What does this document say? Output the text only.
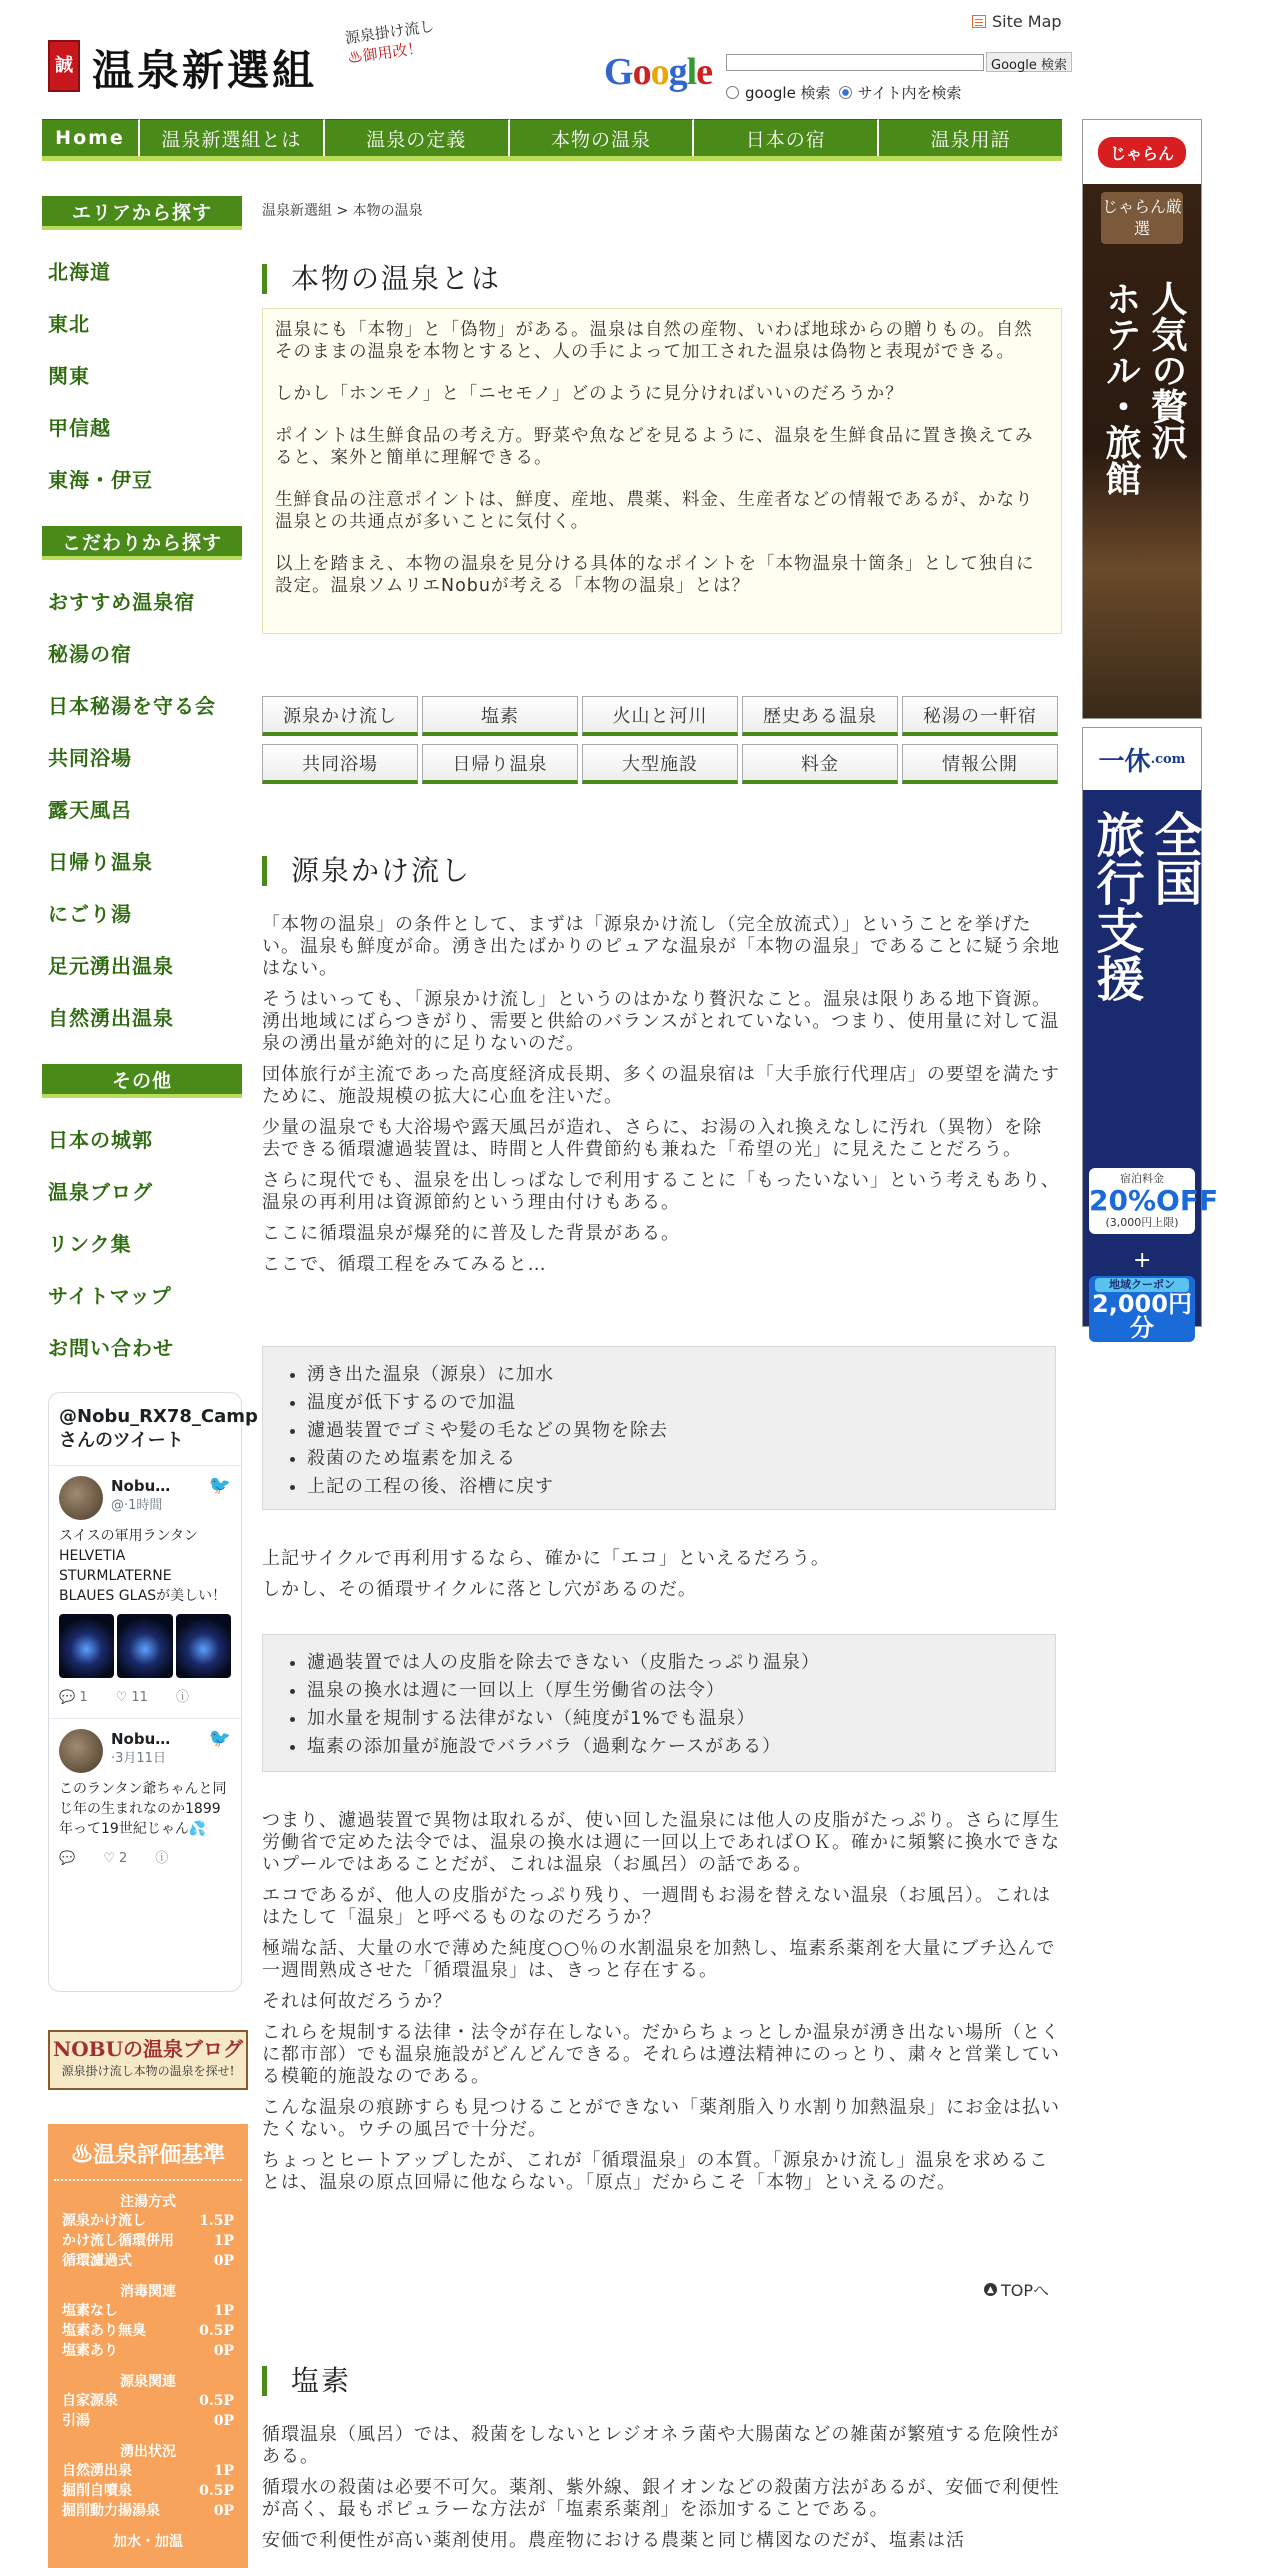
誠 温泉新選組
源泉掛け流し
♨御用改！
Site Map
Google	Google 検索
google 検索 サイト内を検索
Home	温泉新選組とは	温泉の定義	本物の温泉	日本の宿	温泉用語
エリアから探す
北海道
東北
関東
甲信越
東海・伊豆
こだわりから探す
おすすめ温泉宿
秘湯の宿
日本秘湯を守る会
共同浴場
露天風呂
日帰り温泉
にごり湯
足元湧出温泉
自然湧出温泉
その他
日本の城郭
温泉ブログ
リンク集
サイトマップ
お問い合わせ
@Nobu_RX78_Campさんのツイート
🐦
Nobu…
@·1時間
スイスの軍用ランタン HELVETIA STURMLATERNE BLAUES GLASが美しい！
💬 1 ♡ 11 ⓘ
🐦
Nobu…
·3月11日
このランタン爺ちゃんと同じ年の生まれなのか1899年って19世紀じゃん💦
💬 ♡ 2 ⓘ
NOBUの温泉ブログ
源泉掛け流し本物の温泉を探せ!
♨温泉評価基準
注湯方式
源泉かけ流し	1.5P
かけ流し循環併用	1P
循環濾過式	0P
消毒関連
塩素なし	1P
塩素あり無臭	0.5P
塩素あり	0P
源泉関連
自家源泉	0.5P
引湯	0P
湧出状況
自然湧出泉	1P
掘削自噴泉	0.5P
掘削動力揚湯泉	0P
加水・加温
温泉新選組 > 本物の温泉
本物の温泉とは

温泉にも「本物」と「偽物」がある。温泉は自然の産物、いわば地球からの贈りもの。自然そのままの温泉を本物とすると、人の手によって加工された温泉は偽物と表現ができる。

しかし「ホンモノ」と「ニセモノ」どのように見分ければいいのだろうか？

ポイントは生鮮食品の考え方。野菜や魚などを見るように、温泉を生鮮食品に置き換えてみると、案外と簡単に理解できる。

生鮮食品の注意ポイントは、鮮度、産地、農薬、料金、生産者などの情報であるが、かなり温泉との共通点が多いことに気付く。

以上を踏まえ、本物の温泉を見分ける具体的なポイントを「本物温泉十箇条」として独自に設定。温泉ソムリエNobuが考える「本物の温泉」とは？

源泉かけ流し	塩素	火山と河川	歴史ある温泉	秘湯の一軒宿
共同浴場	日帰り温泉	大型施設	料金	情報公開
源泉かけ流し

「本物の温泉」の条件として、まずは「源泉かけ流し（完全放流式）」ということを挙げたい。温泉も鮮度が命。湧き出たばかりのピュアな温泉が「本物の温泉」であることに疑う余地はない。

そうはいっても、「源泉かけ流し」というのはかなり贅沢なこと。温泉は限りある地下資源。湧出地域にばらつきがり、需要と供給のバランスがとれていない。つまり、使用量に対して温泉の湧出量が絶対的に足りないのだ。

団体旅行が主流であった高度経済成長期、多くの温泉宿は「大手旅行代理店」の要望を満たすために、施設規模の拡大に心血を注いだ。

少量の温泉でも大浴場や露天風呂が造れ、さらに、お湯の入れ換えなしに汚れ（異物）を除去できる循環濾過装置は、時間と人件費節約も兼ねた「希望の光」に見えたことだろう。

さらに現代でも、温泉を出しっぱなしで利用することに「もったいない」という考えもあり、温泉の再利用は資源節約という理由付けもある。

ここに循環温泉が爆発的に普及した背景がある。

ここで、循環工程をみてみると…

• 湧き出た温泉（源泉）に加水
• 温度が低下するので加温
• 濾過装置でゴミや髪の毛などの異物を除去
• 殺菌のため塩素を加える
• 上記の工程の後、浴槽に戻す

上記サイクルで再利用するなら、確かに「エコ」といえるだろう。

しかし、その循環サイクルに落とし穴があるのだ。

• 濾過装置では人の皮脂を除去できない（皮脂たっぷり温泉）
• 温泉の換水は週に一回以上（厚生労働省の法令）
• 加水量を規制する法律がない（純度が1%でも温泉）
• 塩素の添加量が施設でバラバラ（過剰なケースがある）

つまり、濾過装置で異物は取れるが、使い回した温泉には他人の皮脂がたっぷり。さらに厚生労働省で定めた法令では、温泉の換水は週に一回以上であればＯＫ。確かに頻繁に換水できないプールではあることだが、これは温泉（お風呂）の話である。

エコであるが、他人の皮脂がたっぷり残り、一週間もお湯を替えない温泉（お風呂）。これははたして「温泉」と呼べるものなのだろうか？

極端な話、大量の水で薄めた純度○○％の水割温泉を加熱し、塩素系薬剤を大量にブチ込んで一週間熟成させた「循環温泉」は、きっと存在する。

それは何故だろうか？

これらを規制する法律・法令が存在しない。だからちょっとしか温泉が湧き出ない場所（とくに都市部）でも温泉施設がどんどんできる。それらは遵法精神にのっとり、粛々と営業している模範的施設なのである。

こんな温泉の痕跡すらも見つけることができない「薬剤脂入り水割り加熱温泉」にお金は払いたくない。ウチの風呂で十分だ。

ちょっとヒートアップしたが、これが「循環温泉」の本質。「源泉かけ流し」温泉を求めることは、温泉の原点回帰に他ならない。「原点」だからこそ「本物」といえるのだ。

▲ TOPへ
塩素

循環温泉（風呂）では、殺菌をしないとレジオネラ菌や大腸菌などの雑菌が繁殖する危険性がある。

循環水の殺菌は必要不可欠。薬剤、紫外線、銀イオンなどの殺菌方法があるが、安価で利便性が高く、最もポピュラーな方法が「塩素系薬剤」を添加することである。

安価で利便性が高い薬剤使用。農産物における農薬と同じ構図なのだが、塩素は活

じゃらん
じゃらん厳選
人気の贅沢
ホテル・旅館
一休 .com
全国
旅行支援
宿泊料金
20%OFF
(3,000円上限)
+
地域クーポン
2,000円分
